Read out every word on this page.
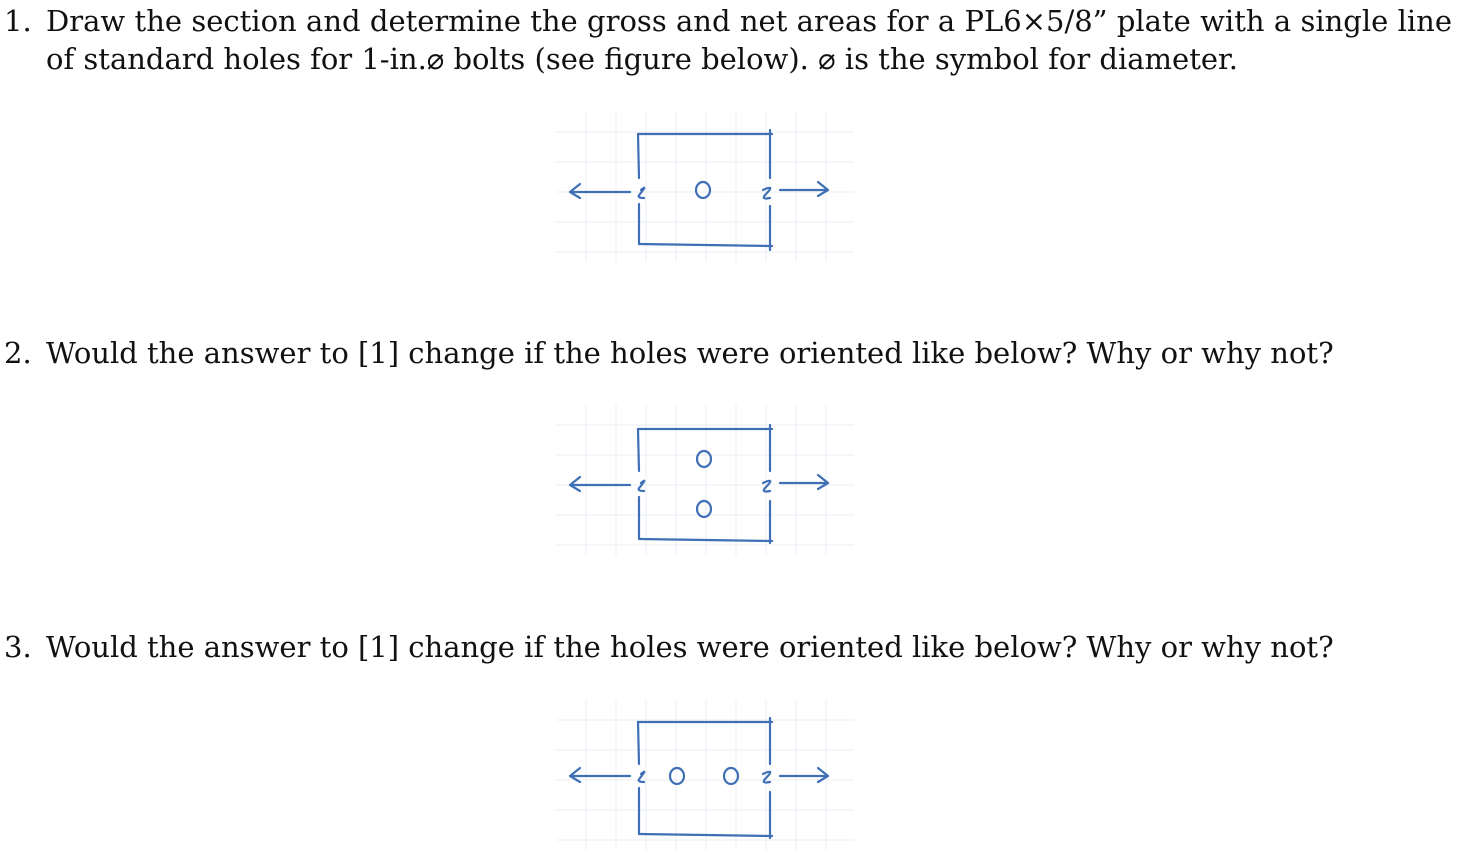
1. Draw the section and determine the gross and net areas for a PL6×5/8” plate with a single line of standard holes for 1-in.⌀ bolts (see figure below). ⌀ is the symbol for diameter.
2. Would the answer to [1] change if the holes were oriented like below? Why or why not?
3. Would the answer to [1] change if the holes were oriented like below? Why or why not?
